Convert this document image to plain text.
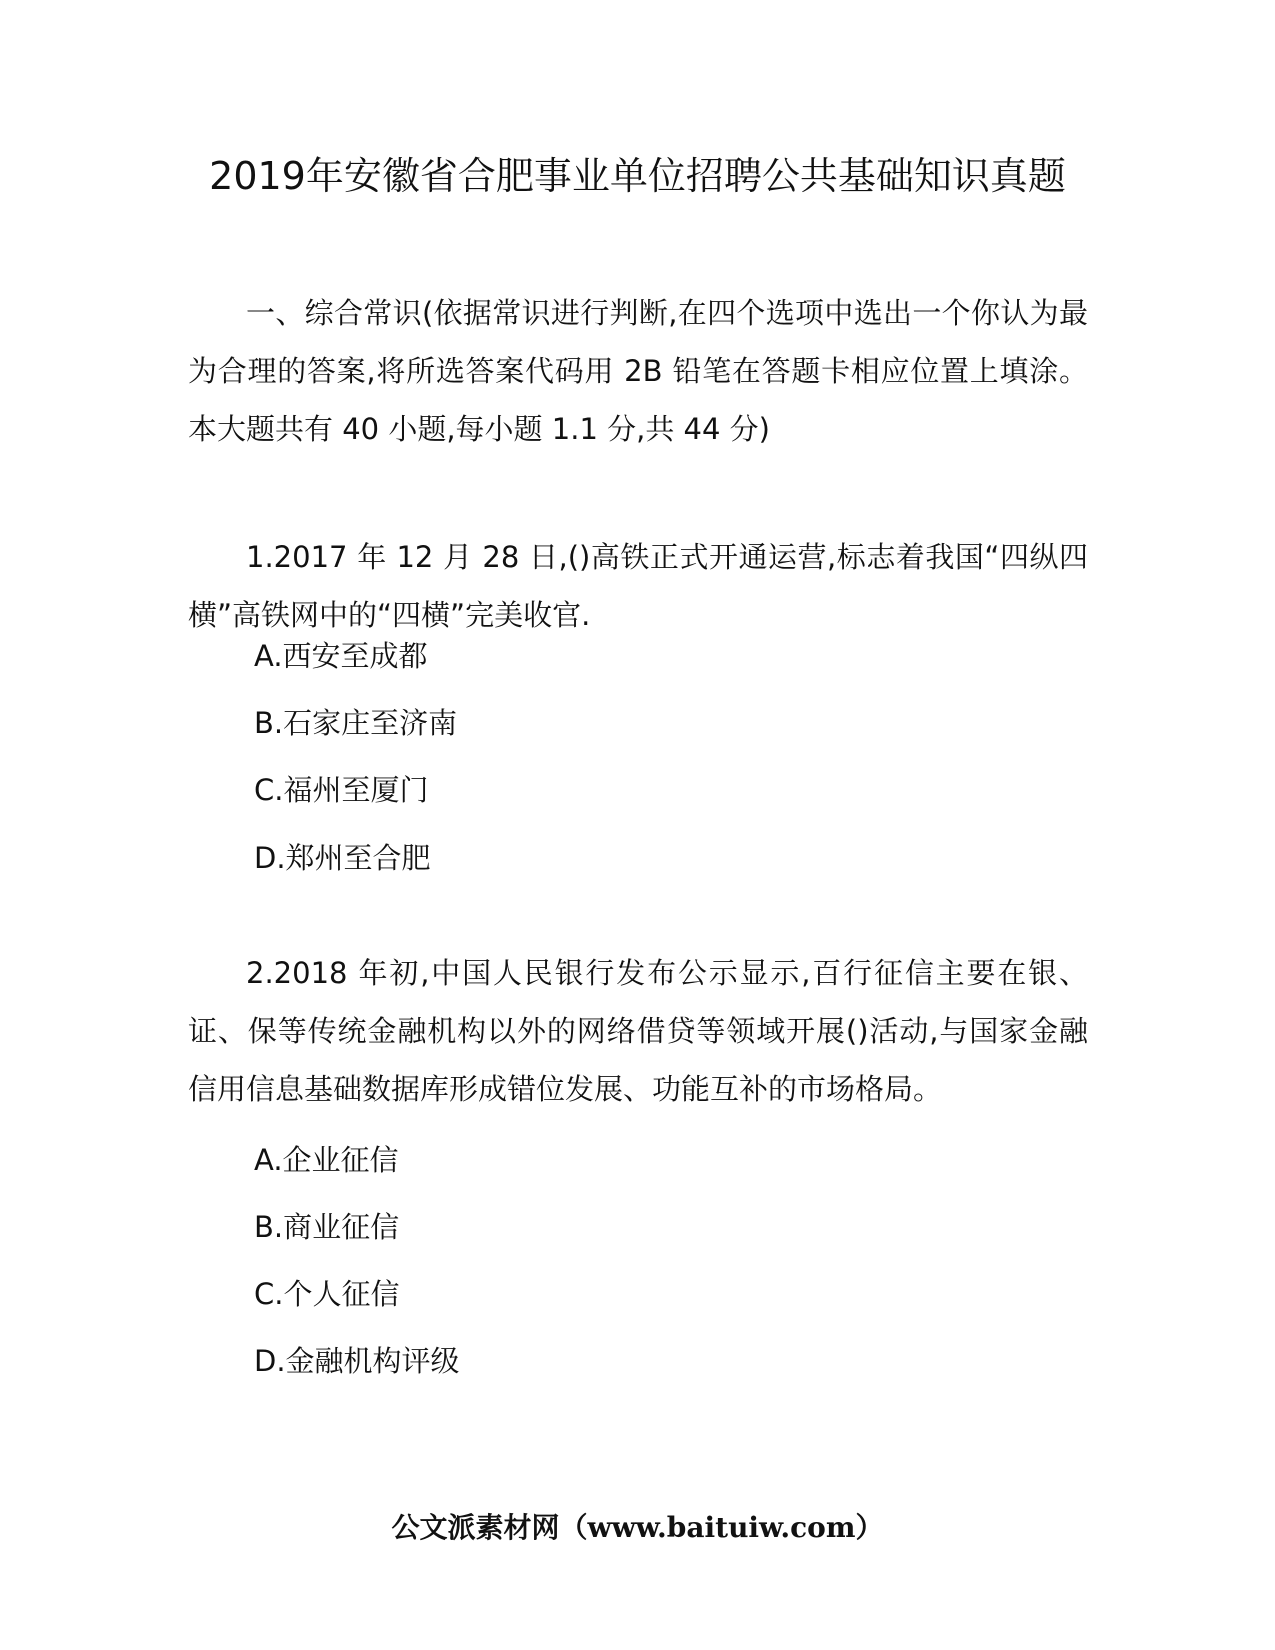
2019年安徽省合肥事业单位招聘公共基础知识真题

一、综合常识(依据常识进行判断,在四个选项中选出一个你认为最为合理的答案,将所选答案代码用 2B 铅笔在答题卡相应位置上填涂。本大题共有 40 小题,每小题 1.1 分,共 44 分)

1.2017 年 12 月 28 日,()高铁正式开通运营,标志着我国“四纵四横”高铁网中的“四横”完美收官.

A.西安至成都

B.石家庄至济南

C.福州至厦门

D.郑州至合肥

2.2018 年初,中国人民银行发布公示显示,百行征信主要在银、证、保等传统金融机构以外的网络借贷等领域开展()活动,与国家金融信用信息基础数据库形成错位发展、功能互补的市场格局。

A.企业征信

B.商业征信

C.个人征信

D.金融机构评级

公文派素材网（www.baituiw.com）
